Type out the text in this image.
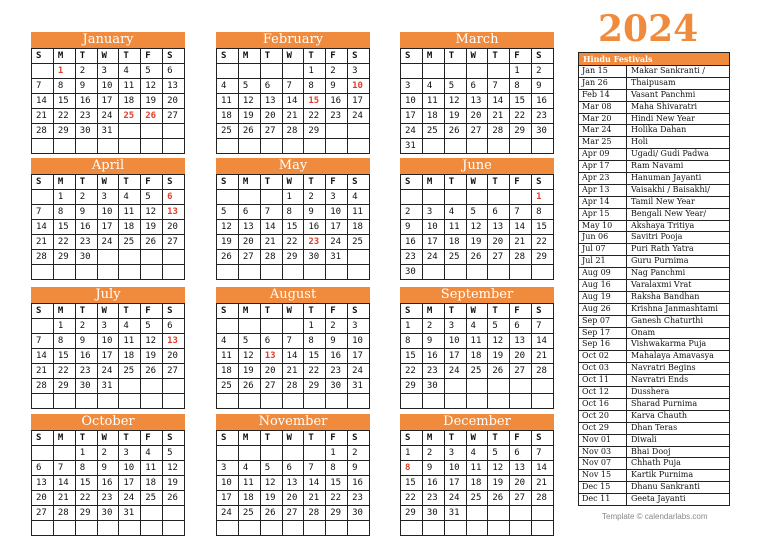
January
S	M	T	W	T	F	S
	1	2	3	4	5	6
7	8	9	10	11	12	13
14	15	16	17	18	19	20
21	22	23	24	25	26	27
28	29	30	31			

February
S	M	T	W	T	F	S
				1	2	3
4	5	6	7	8	9	10
11	12	13	14	15	16	17
18	19	20	21	22	23	24
25	26	27	28	29		

March
S	M	T	W	T	F	S
					1	2
3	4	5	6	7	8	9
10	11	12	13	14	15	16
17	18	19	20	21	22	23
24	25	26	27	28	29	30
31						
April
S	M	T	W	T	F	S
	1	2	3	4	5	6
7	8	9	10	11	12	13
14	15	16	17	18	19	20
21	22	23	24	25	26	27
28	29	30				

May
S	M	T	W	T	F	S
			1	2	3	4
5	6	7	8	9	10	11
12	13	14	15	16	17	18
19	20	21	22	23	24	25
26	27	28	29	30	31	

June
S	M	T	W	T	F	S
						1
2	3	4	5	6	7	8
9	10	11	12	13	14	15
16	17	18	19	20	21	22
23	24	25	26	27	28	29
30						
July
S	M	T	W	T	F	S
	1	2	3	4	5	6
7	8	9	10	11	12	13
14	15	16	17	18	19	20
21	22	23	24	25	26	27
28	29	30	31			

August
S	M	T	W	T	F	S
				1	2	3
4	5	6	7	8	9	10
11	12	13	14	15	16	17
18	19	20	21	22	23	24
25	26	27	28	29	30	31

September
S	M	T	W	T	F	S
1	2	3	4	5	6	7
8	9	10	11	12	13	14
15	16	17	18	19	20	21
22	23	24	25	26	27	28
29	30					

October
S	M	T	W	T	F	S
		1	2	3	4	5
6	7	8	9	10	11	12
13	14	15	16	17	18	19
20	21	22	23	24	25	26
27	28	29	30	31		

November
S	M	T	W	T	F	S
					1	2
3	4	5	6	7	8	9
10	11	12	13	14	15	16
17	18	19	20	21	22	23
24	25	26	27	28	29	30

December
S	M	T	W	T	F	S
1	2	3	4	5	6	7
8	9	10	11	12	13	14
15	16	17	18	19	20	21
22	23	24	25	26	27	28
29	30	31				

2024
Hindu Festivals
Jan 15	Makar Sankranti /
Jan 26	Thaipusam
Feb 14	Vasant Panchmi
Mar 08	Maha Shivaratri
Mar 20	Hindi New Year
Mar 24	Holika Dahan
Mar 25	Holi
Apr 09	Ugadi/ Gudi Padwa
Apr 17	Ram Navami
Apr 23	Hanuman Jayanti
Apr 13	Vaisakhi / Baisakhi/
Apr 14	Tamil New Year
Apr 15	Bengali New Year/
May 10	Akshaya Tritiya
Jun 06	Savitri Pooja
Jul 07	Puri Rath Yatra
Jul 21	Guru Purnima
Aug 09	Nag Panchmi
Aug 16	Varalaxmi Vrat
Aug 19	Raksha Bandhan
Aug 26	Krishna Janmashtami
Sep 07	Ganesh Chaturthi
Sep 17	Onam
Sep 16	Vishwakarma Puja
Oct 02	Mahalaya Amavasya
Oct 03	Navratri Begins
Oct 11	Navratri Ends
Oct 12	Dusshera
Oct 16	Sharad Purnima
Oct 20	Karva Chauth
Oct 29	Dhan Teras
Nov 01	Diwali
Nov 03	Bhai Dooj
Nov 07	Chhath Puja
Nov 15	Kartik Purnima
Dec 15	Dhanu Sankranti
Dec 11	Geeta Jayanti
Template © calendarlabs.com
